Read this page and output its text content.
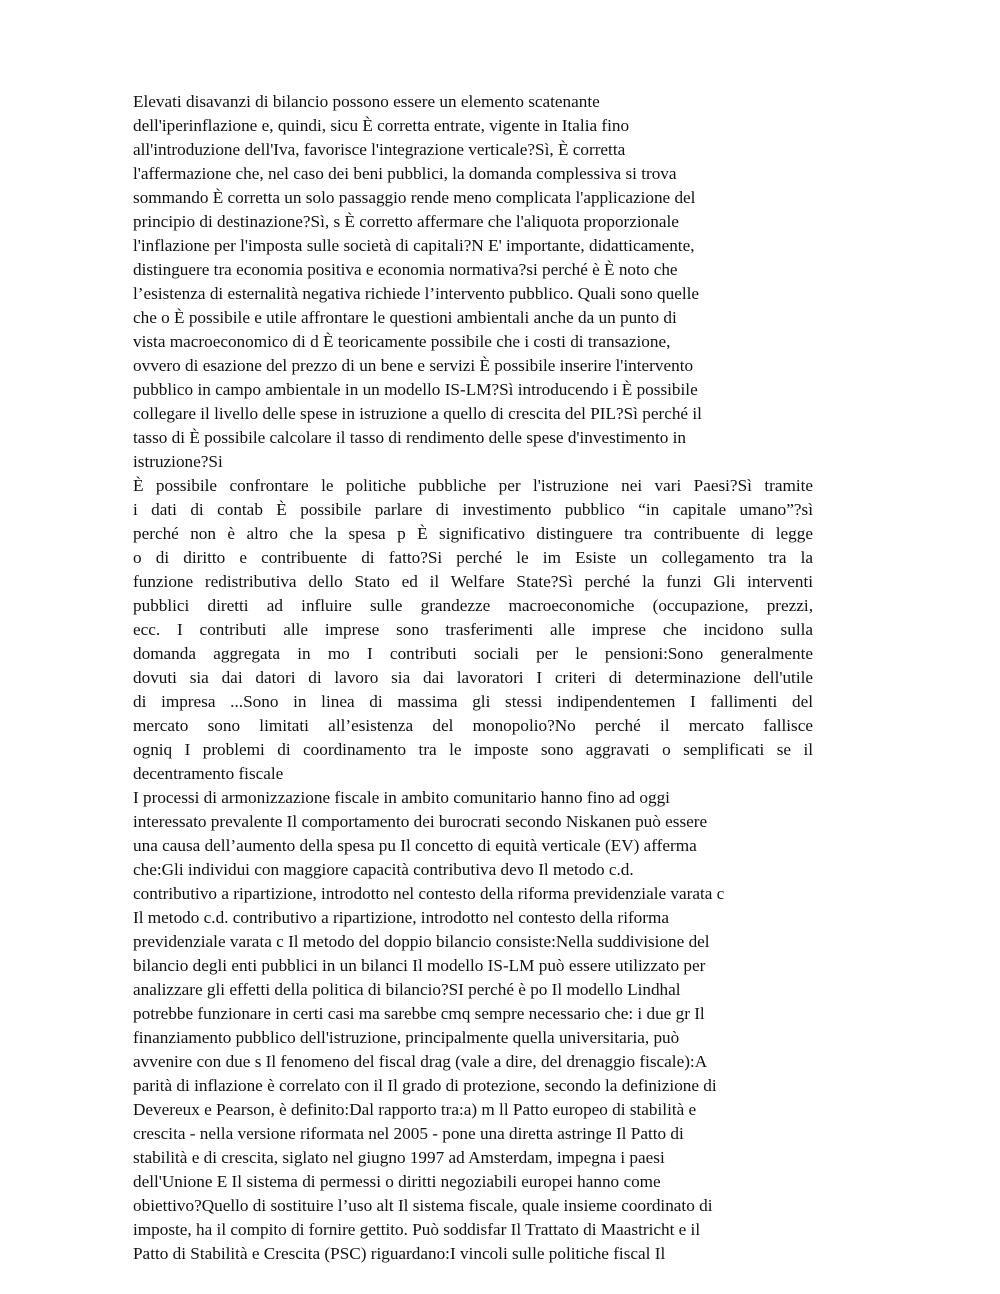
Elevati disavanzi di bilancio possono essere un elemento scatenante
dell'iperinflazione e, quindi, sicu È corretta entrate, vigente in Italia fino
all'introduzione dell'Iva, favorisce l'integrazione verticale?Sì, È corretta
l'affermazione che, nel caso dei beni pubblici, la domanda complessiva si trova
sommando È corretta un solo passaggio rende meno complicata l'applicazione del
principio di destinazione?Sì, s È corretto affermare che l'aliquota proporzionale
l'inflazione per l'imposta sulle società di capitali?N E' importante, didatticamente,
distinguere tra economia positiva e economia normativa?si perché è È noto che
l’esistenza di esternalità negativa richiede l’intervento pubblico. Quali sono quelle
che o È possibile e utile affrontare le questioni ambientali anche da un punto di
vista macroeconomico di d È teoricamente possibile che i costi di transazione,
ovvero di esazione del prezzo di un bene e servizi È possibile inserire l'intervento
pubblico in campo ambientale in un modello IS-LM?Sì introducendo i È possibile
collegare il livello delle spese in istruzione a quello di crescita del PIL?Sì perché il
tasso di È possibile calcolare il tasso di rendimento delle spese d'investimento in
istruzione?Si
È possibile confrontare le politiche pubbliche per l'istruzione nei vari Paesi?Sì tramite
i dati di contab È possibile parlare di investimento pubblico “in capitale umano”?sì
perché non è altro che la spesa p È significativo distinguere tra contribuente di legge
o di diritto e contribuente di fatto?Si perché le im Esiste un collegamento tra la
funzione redistributiva dello Stato ed il Welfare State?Sì perché la funzi Gli interventi
pubblici diretti ad influire sulle grandezze macroeconomiche (occupazione, prezzi,
ecc. I contributi alle imprese sono trasferimenti alle imprese che incidono sulla
domanda aggregata in mo I contributi sociali per le pensioni:Sono generalmente
dovuti sia dai datori di lavoro sia dai lavoratori I criteri di determinazione dell'utile
di impresa ...Sono in linea di massima gli stessi indipendentemen I fallimenti del
mercato sono limitati all’esistenza del monopolio?No perché il mercato fallisce
ogniq I problemi di coordinamento tra le imposte sono aggravati o semplificati se il
decentramento fiscale
I processi di armonizzazione fiscale in ambito comunitario hanno fino ad oggi
interessato prevalente Il comportamento dei burocrati secondo Niskanen può essere
una causa dell’aumento della spesa pu Il concetto di equità verticale (EV) afferma
che:Gli individui con maggiore capacità contributiva devo Il metodo c.d.
contributivo a ripartizione, introdotto nel contesto della riforma previdenziale varata c
Il metodo c.d. contributivo a ripartizione, introdotto nel contesto della riforma
previdenziale varata c Il metodo del doppio bilancio consiste:Nella suddivisione del
bilancio degli enti pubblici in un bilanci Il modello IS-LM può essere utilizzato per
analizzare gli effetti della politica di bilancio?SI perché è po Il modello Lindhal
potrebbe funzionare in certi casi ma sarebbe cmq sempre necessario che: i due gr Il
finanziamento pubblico dell'istruzione, principalmente quella universitaria, può
avvenire con due s Il fenomeno del fiscal drag (vale a dire, del drenaggio fiscale):A
parità di inflazione è correlato con il Il grado di protezione, secondo la definizione di
Devereux e Pearson, è definito:Dal rapporto tra:a) m ll Patto europeo di stabilità e
crescita - nella versione riformata nel 2005 - pone una diretta astringe Il Patto di
stabilità e di crescita, siglato nel giugno 1997 ad Amsterdam, impegna i paesi
dell'Unione E Il sistema di permessi o diritti negoziabili europei hanno come
obiettivo?Quello di sostituire l’uso alt Il sistema fiscale, quale insieme coordinato di
imposte, ha il compito di fornire gettito. Può soddisfar Il Trattato di Maastricht e il
Patto di Stabilità e Crescita (PSC) riguardano:I vincoli sulle politiche fiscal Il
